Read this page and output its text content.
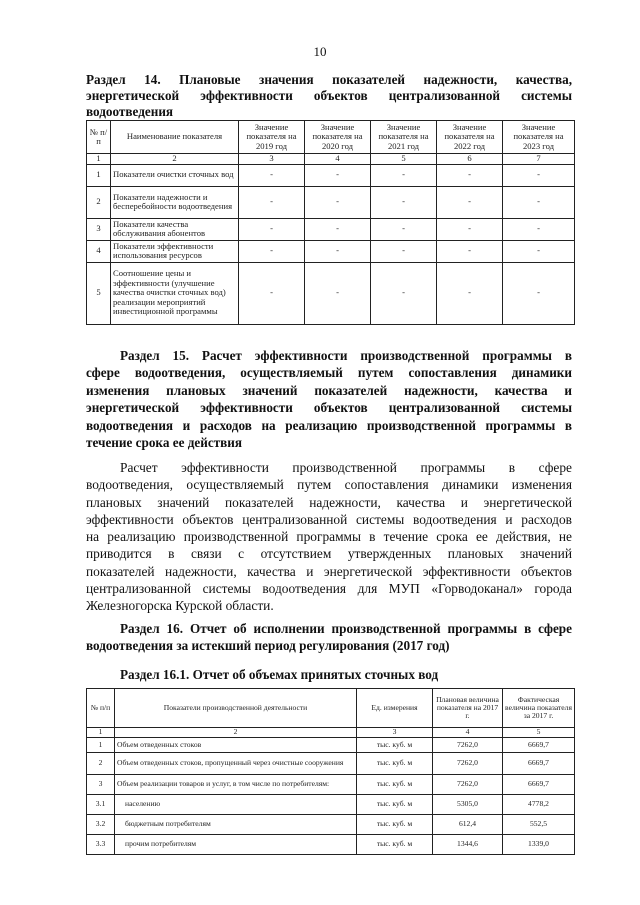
10
Раздел 14. Плановые значения показателей надежности, качества,
энергетической эффективности объектов централизованной системы
водоотведения
№ п/п	Наименование показателя	Значение показателя на 2019 год	Значение показателя на 2020 год	Значение показателя на 2021 год	Значение показателя на 2022 год	Значение показателя на 2023 год
1	2	3	4	5	6	7
1	Показатели очистки сточных вод	-	-	-	-	-
2	Показатели надежности и бесперебойности водоотведения	-	-	-	-	-
3	Показатели качества обслуживания абонентов	-	-	-	-	-
4	Показатели эффективности использования ресурсов	-	-	-	-	-
5	Соотношение цены и эффективности (улучшение качества очистки сточных вод) реализации мероприятий инвестиционной программы	-	-	-	-	-
Раздел 15. Расчет эффективности производственной программы в
сфере водоотведения, осуществляемый путем сопоставления динамики
изменения плановых значений показателей надежности, качества и
энергетической эффективности объектов централизованной системы
водоотведения и расходов на реализацию производственной программы в
течение срока ее действия
Расчет эффективности производственной программы в сфере
водоотведения, осуществляемый путем сопоставления динамики изменения
плановых значений показателей надежности, качества и энергетической
эффективности объектов централизованной системы водоотведения и расходов
на реализацию производственной программы в течение срока ее действия, не
приводится в связи с отсутствием утвержденных плановых значений
показателей надежности, качества и энергетической эффективности объектов
централизованной системы водоотведения для МУП «Горводоканал» города
Железногорска Курской области.
Раздел 16. Отчет об исполнении производственной программы в сфере
водоотведения за истекший период регулирования (2017 год)
Раздел 16.1. Отчет об объемах принятых сточных вод
№ п/п	Показатели производственной деятельности	Ед. измерения	Плановая величина показателя на 2017 г.	Фактическая величина показателя за 2017 г.
1	2	3	4	5
1	Объем отведенных стоков	тыс. куб. м	7262,0	6669,7
2	Объем отведенных стоков, пропущенный через очистные сооружения	тыс. куб. м	7262,0	6669,7
3	Объем реализации товаров и услуг, в том числе по потребителям:	тыс. куб. м	7262,0	6669,7
3.1	населению	тыс. куб. м	5305,0	4778,2
3.2	бюджетным потребителям	тыс. куб. м	612,4	552,5
3.3	прочим потребителям	тыс. куб. м	1344,6	1339,0
